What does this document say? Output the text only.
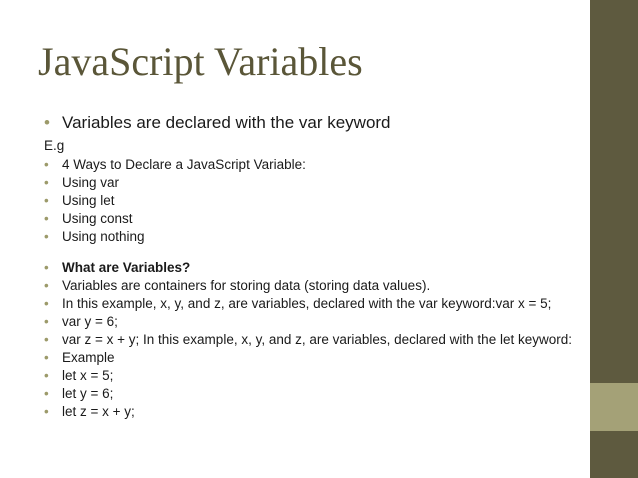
JavaScript Variables
• Variables are declared with the var keyword
E.g
• 4 Ways to Declare a JavaScript Variable:
• Using var
• Using let
• Using const
• Using nothing
• What are Variables?
• Variables are containers for storing data (storing data values).
• In this example, x, y, and z, are variables, declared with the var keyword:var x = 5;
• var y = 6;
• var z = x + y; In this example, x, y, and z, are variables, declared with the let keyword:
• Example
• let x = 5;
• let y = 6;
• let z = x + y;
